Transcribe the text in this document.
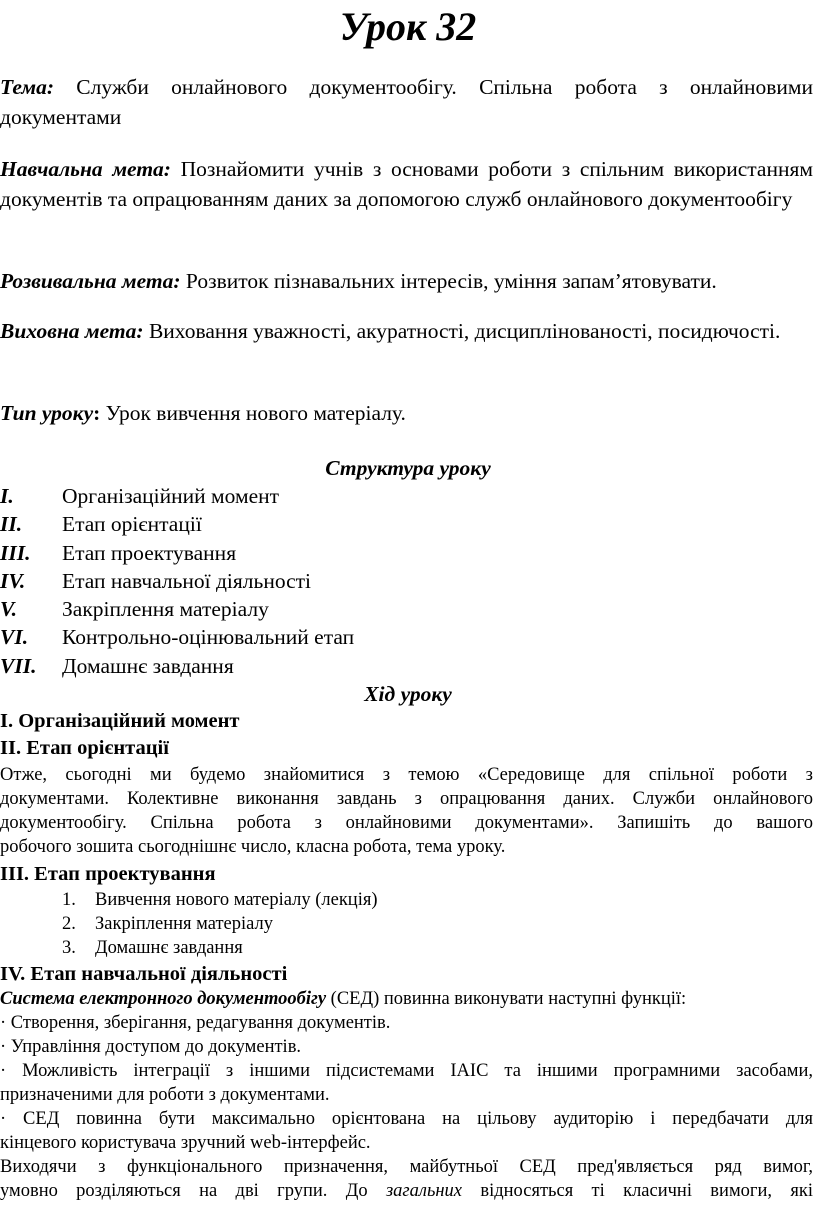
Урок 32
Тема: Служби онлайнового документообігу. Спільна робота з онлайновими документами
Навчальна мета: Познайомити учнів з основами роботи з спільним використанням документів та опрацюванням даних за допомогою служб онлайнового документообігу
Розвивальна мета: Розвиток пізнавальних інтересів, уміння запам’ятовувати.
Виховна мета: Виховання уважності, акуратності, дисциплінованості, посидючості.
Тип уроку: Урок вивчення нового матеріалу.
Структура уроку
I. Організаційний момент
II. Етап орієнтації
III. Етап проектування
IV. Етап навчальної діяльності
V. Закріплення матеріалу
VI. Контрольно-оцінювальний етап
VII. Домашнє завдання
Хід уроку
I. Організаційний момент
II. Етап орієнтації
Отже, сьогодні ми будемо знайомитися з темою «Середовище для спільної роботи з
документами. Колективне виконання завдань з опрацювання даних. Служби онлайнового
документообігу. Спільна робота з онлайновими документами». Запишіть до вашого
робочого зошита сьогоднішнє число, класна робота, тема уроку.
III. Етап проектування
1. Вивчення нового матеріалу (лекція)
2. Закріплення матеріалу
3. Домашнє завдання
IV. Етап навчальної діяльності
Система електронного документообігу (СЕД) повинна виконувати наступні функції:
· Створення, зберігання, редагування документів.
· Управління доступом до документів.
· Можливість інтеграції з іншими підсистемами ІАІС та іншими програмними засобами,
призначеними для роботи з документами.
· СЕД повинна бути максимально орієнтована на цільову аудиторію і передбачати для
кінцевого користувача зручний web-інтерфейс.
Виходячи з функціонального призначення, майбутньої СЕД пред'являється ряд вимог,
умовно розділяються на дві групи. До загальних відносяться ті класичні вимоги, які
